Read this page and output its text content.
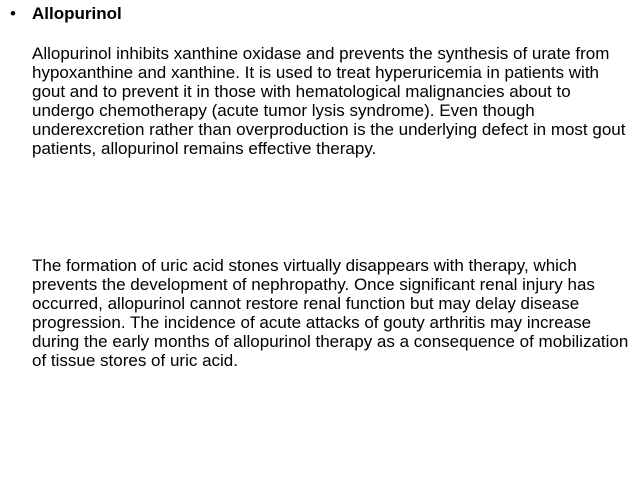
• Allopurinol

Allopurinol inhibits xanthine oxidase and prevents the synthesis of urate from hypoxanthine and xanthine. It is used to treat hyperuricemia in patients with gout and to prevent it in those with hematological malignancies about to undergo chemotherapy (acute tumor lysis syndrome). Even though underexcretion rather than overproduction is the underlying defect in most gout patients, allopurinol remains effective therapy.

The formation of uric acid stones virtually disappears with therapy, which prevents the development of nephropathy. Once significant renal injury has occurred, allopurinol cannot restore renal function but may delay disease progression. The incidence of acute attacks of gouty arthritis may increase during the early months of allopurinol therapy as a consequence of mobilization of tissue stores of uric acid.
